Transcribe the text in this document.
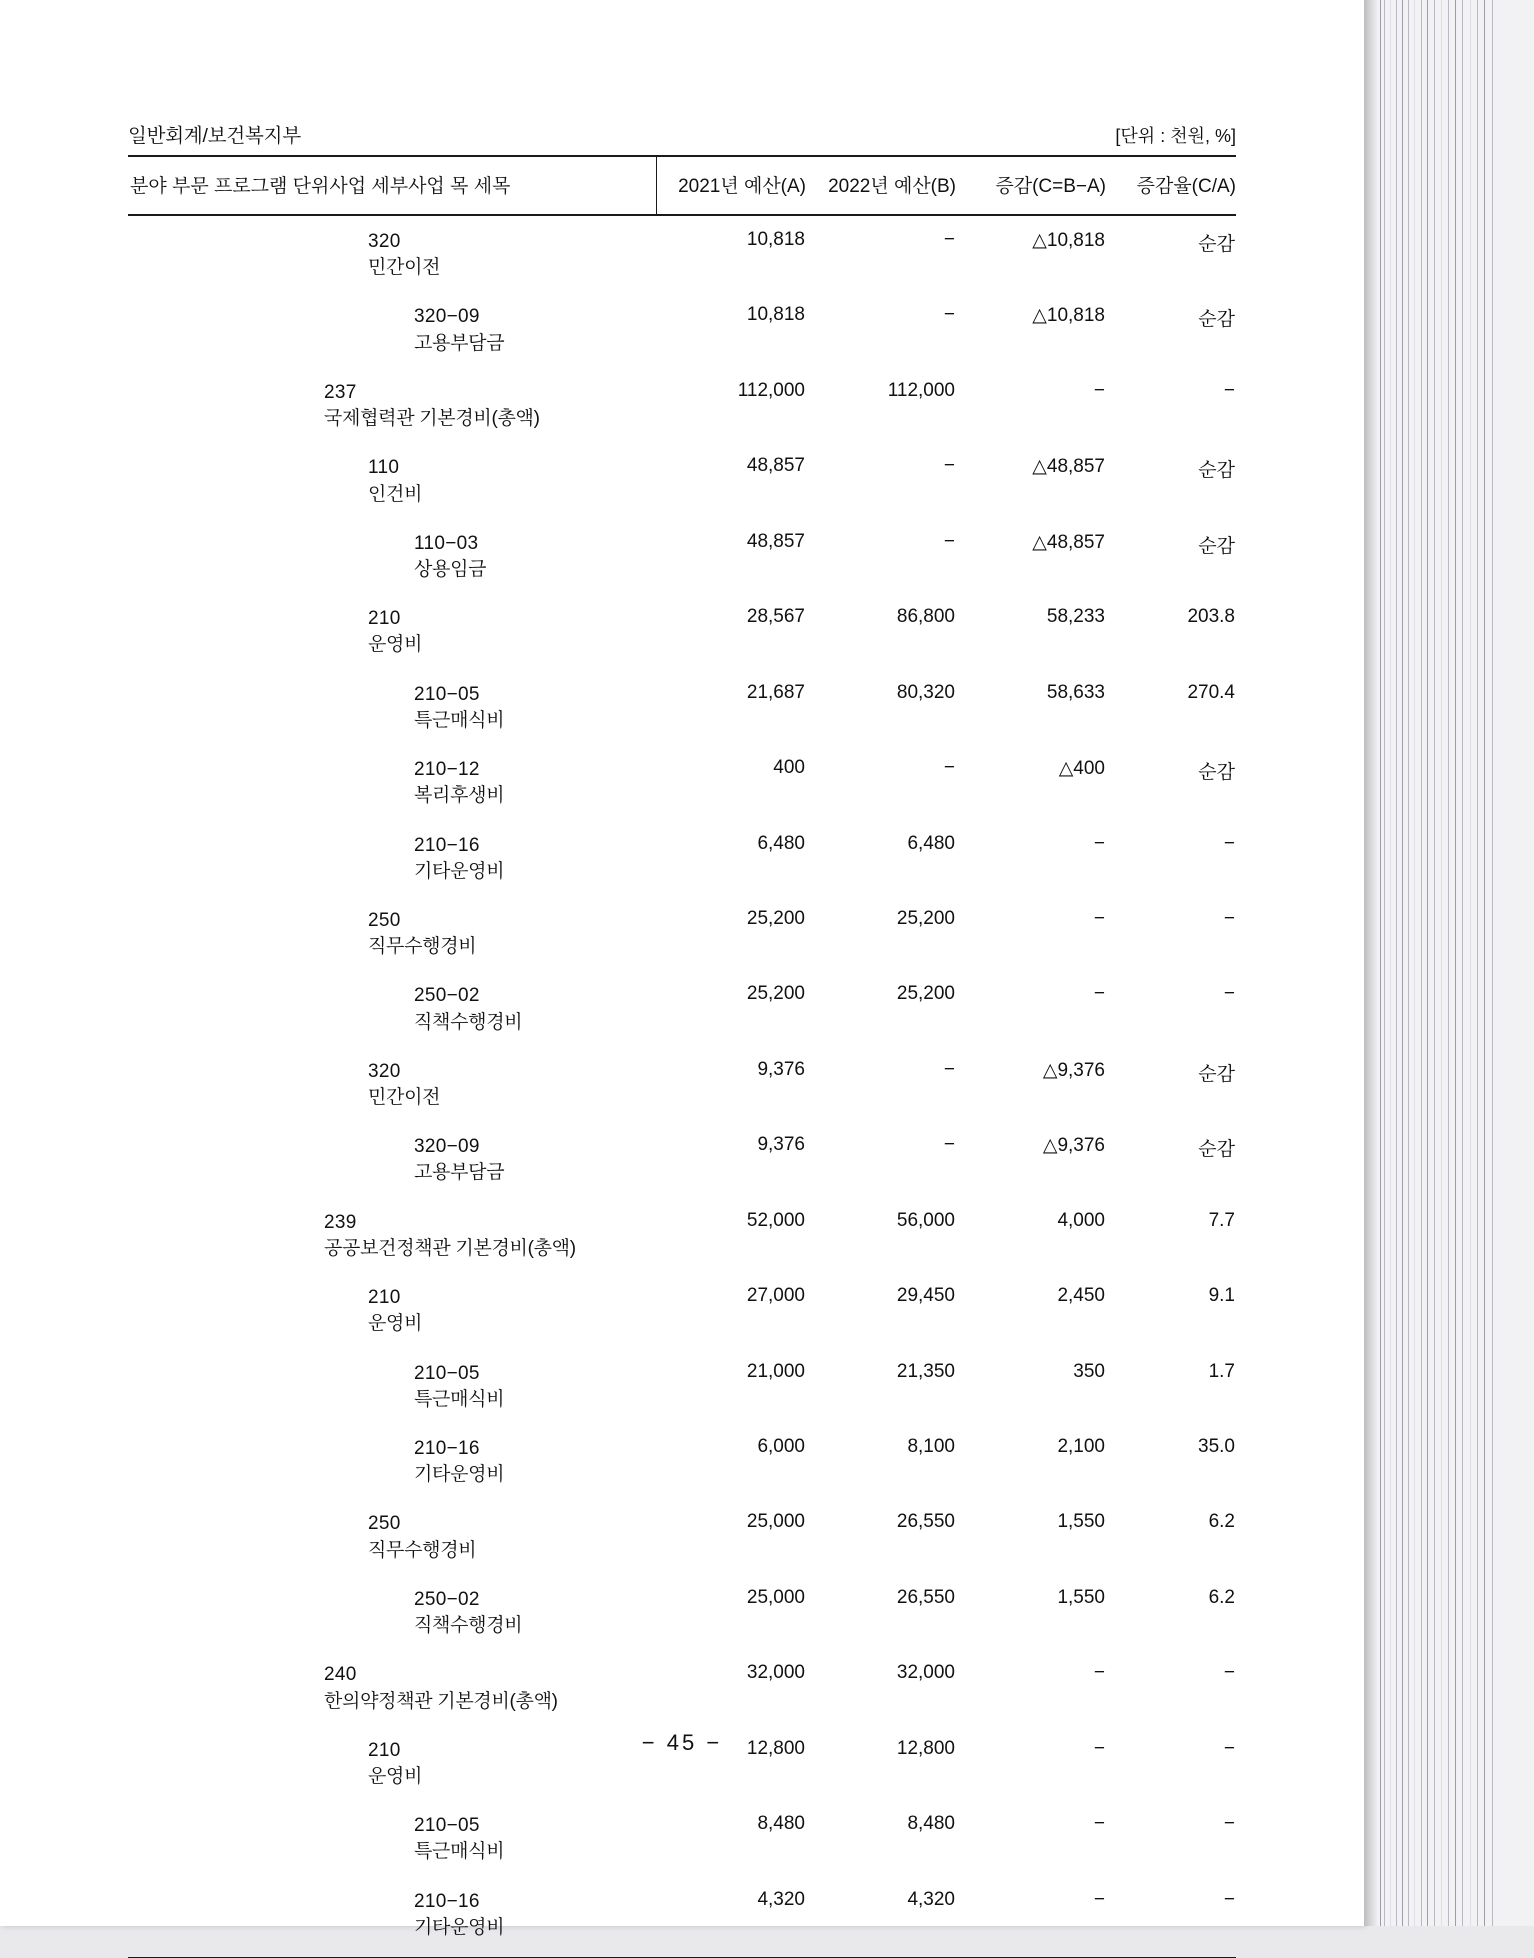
일반회계/보건복지부	[단위 : 천원, %]
분야 부문 프로그램 단위사업 세부사업 목 세목	2021년 예산(A)	2022년 예산(B)	증감(C=B−A)	증감율(C/A)

320
민간이전	10,818	−	△10,818	순감

320−09
고용부담금	10,818	−	△10,818	순감

237
국제협력관 기본경비(총액)	112,000	112,000	−	−

110
인건비	48,857	−	△48,857	순감

110−03
상용임금	48,857	−	△48,857	순감

210
운영비	28,567	86,800	58,233	203.8

210−05
특근매식비	21,687	80,320	58,633	270.4

210−12
복리후생비	400	−	△400	순감

210−16
기타운영비	6,480	6,480	−	−

250
직무수행경비	25,200	25,200	−	−

250−02
직책수행경비	25,200	25,200	−	−

320
민간이전	9,376	−	△9,376	순감

320−09
고용부담금	9,376	−	△9,376	순감

239
공공보건정책관 기본경비(총액)	52,000	56,000	4,000	7.7

210
운영비	27,000	29,450	2,450	9.1

210−05
특근매식비	21,000	21,350	350	1.7

210−16
기타운영비	6,000	8,100	2,100	35.0

250
직무수행경비	25,000	26,550	1,550	6.2

250−02
직책수행경비	25,000	26,550	1,550	6.2

240
한의약정책관 기본경비(총액)	32,000	32,000	−	−

210
운영비	12,800	12,800	−	−

210−05
특근매식비	8,480	8,480	−	−

210−16
기타운영비	4,320	4,320	−	−
− 45 −
